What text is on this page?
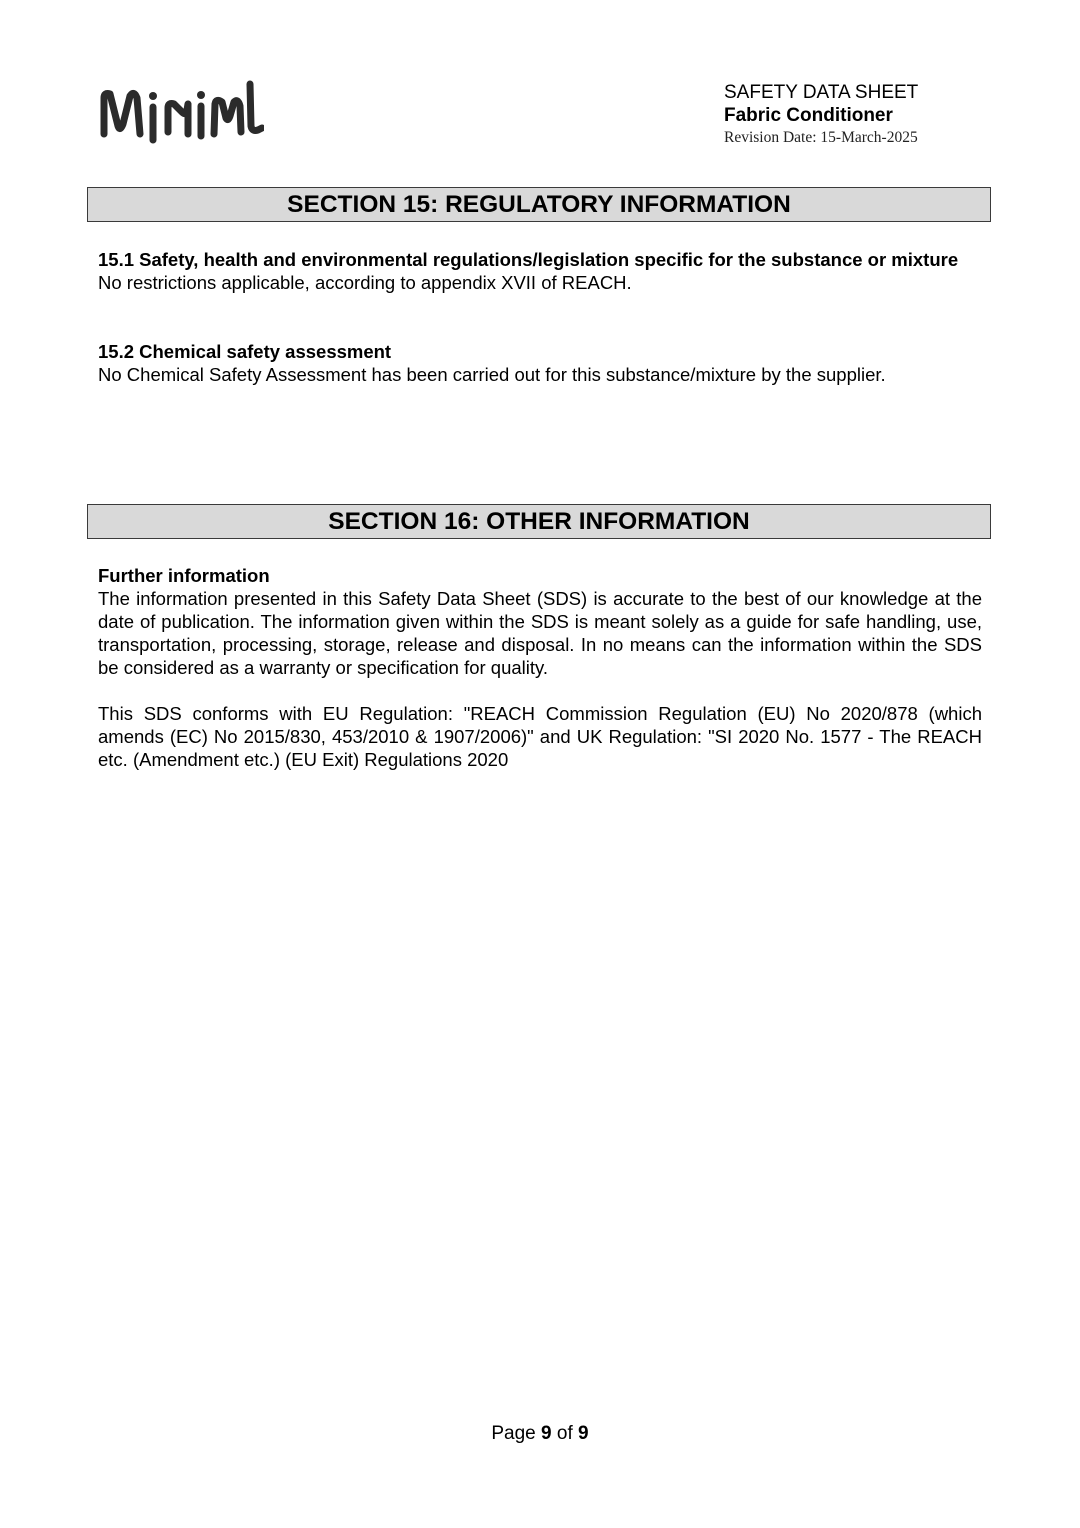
SAFETY DATA SHEET

Fabric Conditioner

Revision Date: 15-March-2025

SECTION 15: REGULATORY INFORMATION

15.1 Safety, health and environmental regulations/legislation specific for the substance or mixture

No restrictions applicable, according to appendix XVII of REACH.

15.2 Chemical safety assessment

No Chemical Safety Assessment has been carried out for this substance/mixture by the supplier.

SECTION 16: OTHER INFORMATION

Further information

The information presented in this Safety Data Sheet (SDS) is accurate to the best of our knowledge at the date of publication. The information given within the SDS is meant solely as a guide for safe handling, use, transportation, processing, storage, release and disposal. In no means can the information within the SDS be considered as a warranty or specification for quality.

This SDS conforms with EU Regulation: "REACH Commission Regulation (EU) No 2020/878 (which amends (EC) No 2015/830, 453/2010 & 1907/2006)" and UK Regulation: "SI 2020 No. 1577 - The REACH etc. (Amendment etc.) (EU Exit) Regulations 2020

Page 9 of 9
